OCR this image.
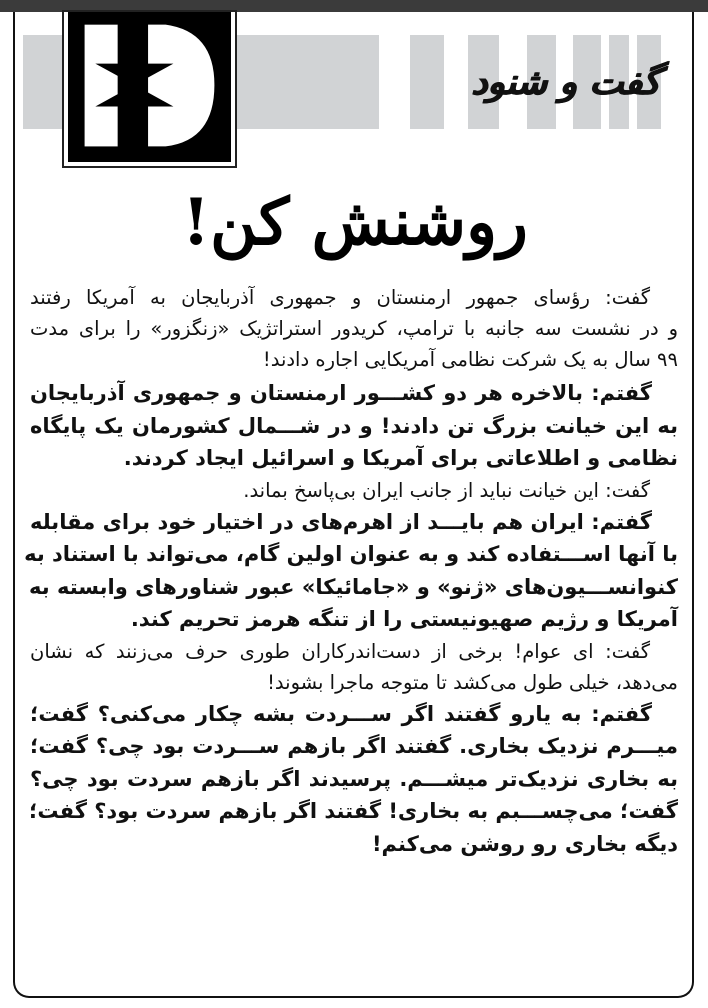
گفت و شنود
روشنش کن!

گفت: رؤسای جمهور ارمنستان و جمهوری آذربایجان به آمریکا رفتند
و در نشست سه جانبه با ترامپ، کریدور استراتژیک «زنگزور» را برای مدت
۹۹ سال به یک شرکت نظامی آمریکایی اجاره دادند!

گفتم: بالاخره هر دو کشـــور ارمنستان و جمهوری آذربایجان
به این خیانت بزرگ تن دادند! و در شـــمال کشورمان یک پایگاه
نظامی و اطلاعاتی برای آمریکا و اسرائیل ایجاد کردند.

گفت: این خیانت نباید از جانب ایران بی‌پاسخ بماند.

گفتم: ایران هم بایـــد از اهرم‌های در اختیار خود برای مقابله
با آنها اســـتفاده کند و به عنوان اولین گام، می‌تواند با استناد به
کنوانســـیون‌های «ژنو» و «جامائیکا» عبور شناورهای وابسته به
آمریکا و رژیم صهیونیستی را از تنگه هرمز تحریم کند.

گفت: ای عوام! برخی از دست‌اندرکاران طوری حرف می‌زنند که نشان
می‌دهد، خیلی طول می‌کشد تا متوجه ماجرا بشوند!

گفتم: به یارو گفتند اگر ســـردت بشه چکار می‌کنی؟ گفت؛
میـــرم نزدیک بخاری. گفتند اگر بازهم ســـردت بود چی؟ گفت؛
به بخاری نزدیک‌تر میشـــم. پرسیدند اگر بازهم سردت بود چی؟
گفت؛ می‌چســـبم به بخاری! گفتند اگر بازهم سردت بود؟ گفت؛
دیگه بخاری رو روشن می‌کنم!
